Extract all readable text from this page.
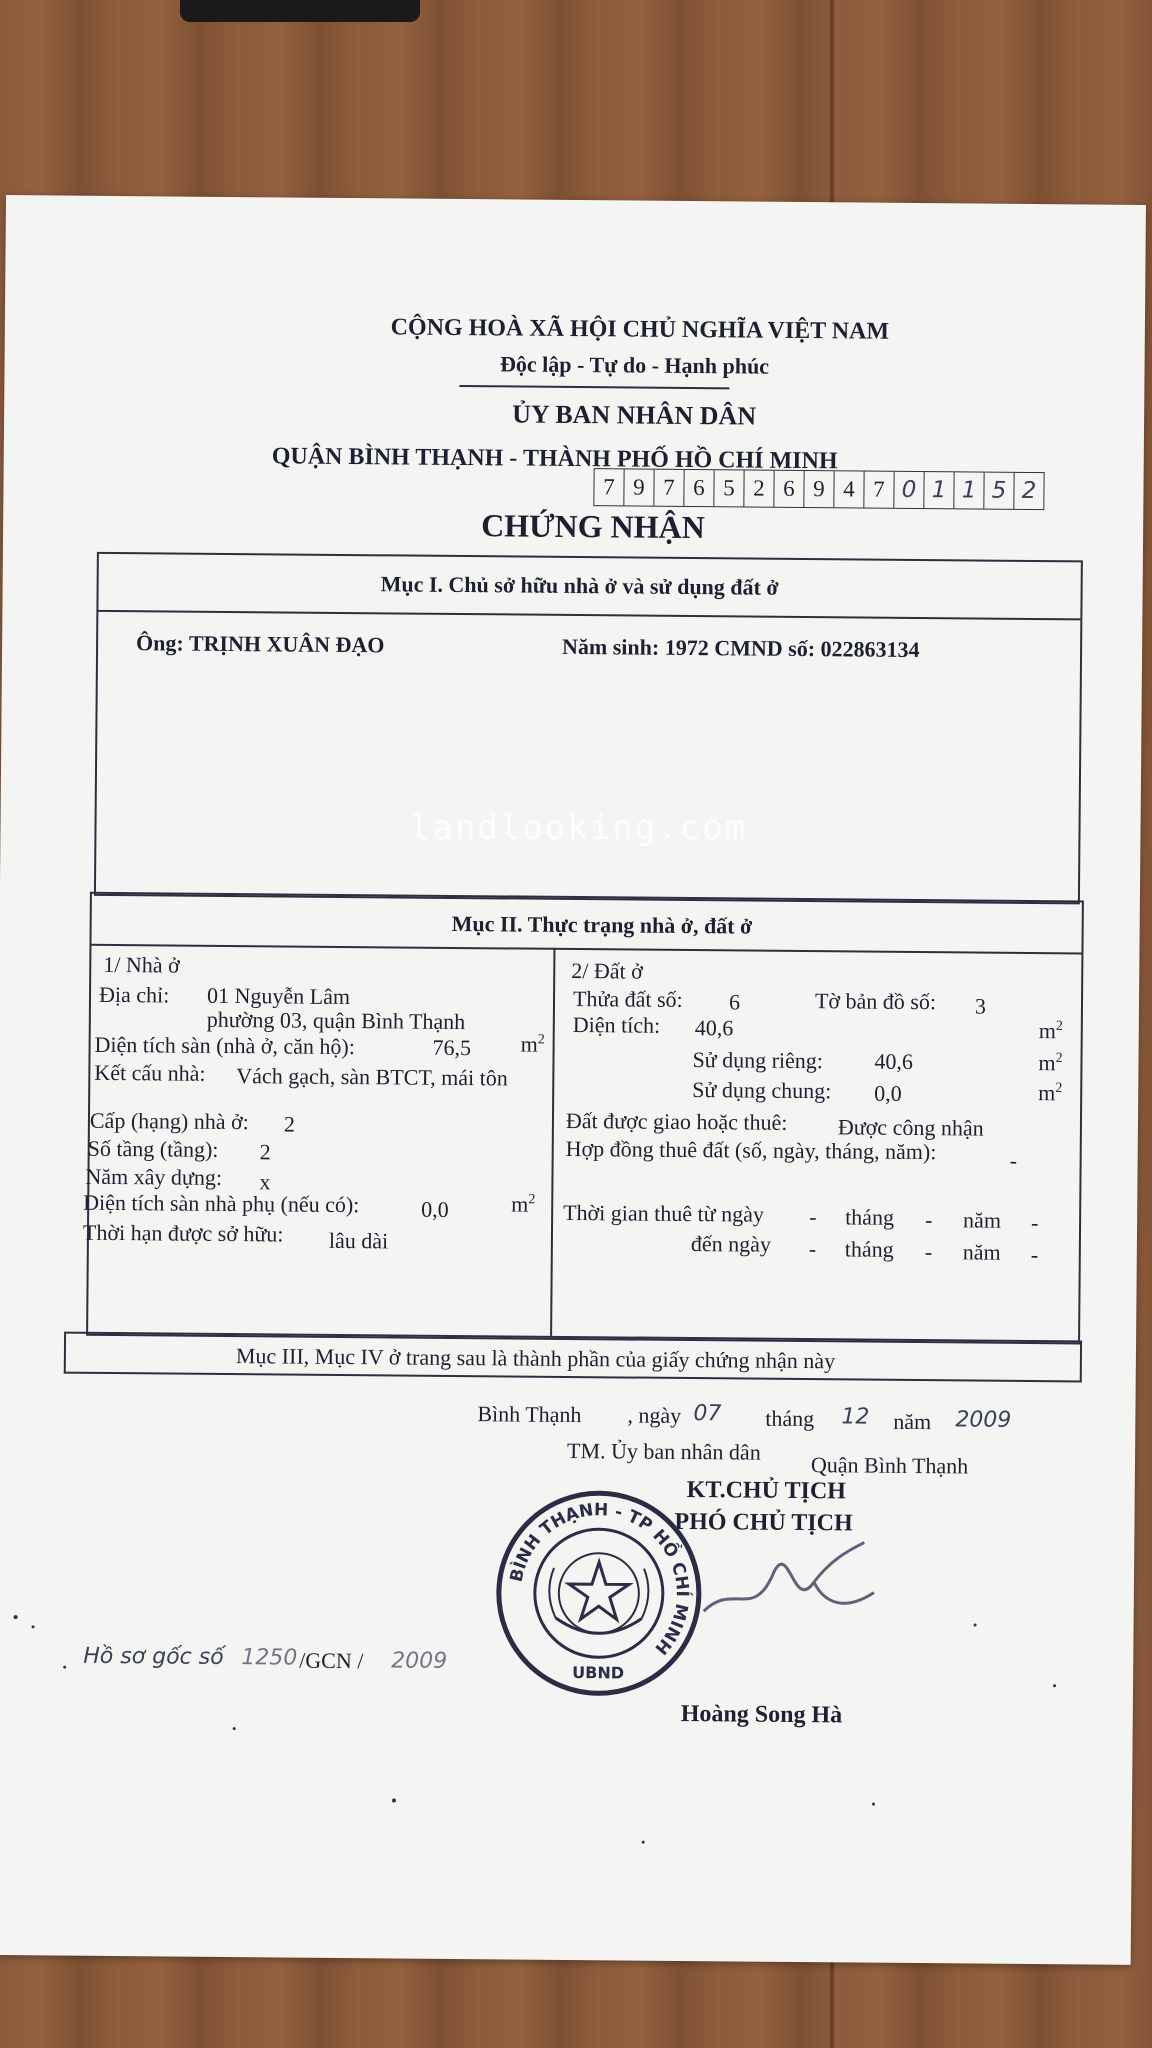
CỘNG HOÀ XÃ HỘI CHỦ NGHĨA VIỆT NAM
Độc lập - Tự do - Hạnh phúc
ỦY BAN NHÂN DÂN
QUẬN BÌNH THẠNH - THÀNH PHỐ HỒ CHÍ MINH
7 9 7 6 5 2 6 9 4 7 0 1 1 5 2
CHỨNG NHẬN
Mục I. Chủ sở hữu nhà ở và sử dụng đất ở
Ông: TRỊNH XUÂN ĐẠO	Năm sinh: 1972 CMND số: 022863134
Mục II. Thực trạng nhà ở, đất ở
1/ Nhà ở
Địa chỉ: 01 Nguyễn Lâm
phường 03, quận Bình Thạnh
Diện tích sàn (nhà ở, căn hộ):	76,5 $m^2$
Kết cấu nhà: Vách gạch, sàn BTCT, mái tôn
Cấp (hạng) nhà ở: 2
Số tầng (tầng): 2
Năm xây dựng: x
Diện tích sàn nhà phụ (nếu có):	0,0	$m^2$
Thời hạn được sở hữu: lâu dài
2/ Đất ở
Thửa đất số: 6	Tờ bản đồ số: 3
Diện tích: 40,6	$m^2$
Sử dụng riêng: 40,6	$m^2$
Sử dụng chung: 0,0	$m^2$
Đất được giao hoặc thuê: Được công nhận
Hợp đồng thuê đất (số, ngày, tháng, năm):	-
Thời gian thuê từ ngày - tháng - năm -
đến ngày - tháng - năm -
Mục III, Mục IV ở trang sau là thành phần của giấy chứng nhận này
Bình Thạnh , ngày 07 tháng 12 năm 2009
TM. Ủy ban nhân dân
Quận Bình Thạnh
KT.CHỦ TỊCH
PHÓ CHỦ TỊCH
BÌNH THẠNH - TP HỒ CHÍ MINH
UBND
Hồ sơ gốc số 1250 /GCN / 2009
Hoàng Song Hà
landlooking.com
